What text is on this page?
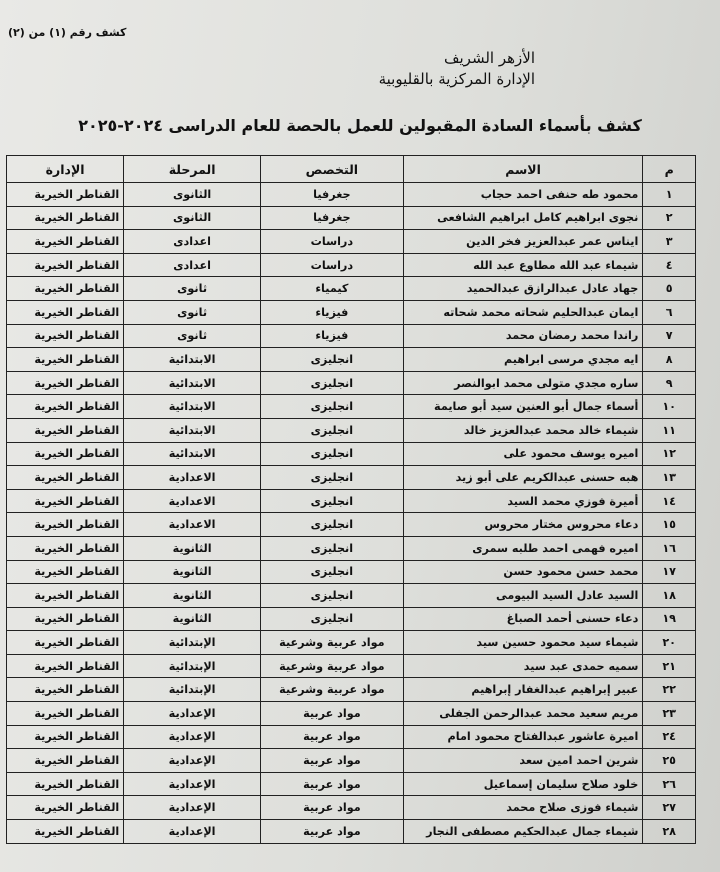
كشف رقم (١) من (٢)
الأزهر الشريف
الإدارة المركزية بالقليوبية
كشف بأسماء السادة المقبولين للعمل بالحصة للعام الدراسى ٢٠٢٤-٢٠٢٥
م	الاسم	التخصص	المرحلة	الإدارة
١	محمود طه حنفى احمد حجاب	جغرفيا	الثانوى	القناطر الخيرية
٢	نجوى ابراهيم كامل ابراهيم الشافعى	جغرفيا	الثانوى	القناطر الخيرية
٣	ايناس عمر عبدالعزيز فخر الدين	دراسات	اعدادى	القناطر الخيرية
٤	شيماء عبد الله مطاوع عبد الله	دراسات	اعدادى	القناطر الخيرية
٥	جهاد عادل عبدالرازق عبدالحميد	كيمياء	ثانوى	القناطر الخيرية
٦	ايمان عبدالحليم شحاته محمد شحاته	فيزياء	ثانوى	القناطر الخيرية
٧	راندا محمد رمضان محمد	فيزياء	ثانوى	القناطر الخيرية
٨	ايه مجدي مرسى ابراهيم	انجليزى	الابتدائية	القناطر الخيرية
٩	ساره مجدي متولى محمد ابوالنصر	انجليزى	الابتدائية	القناطر الخيرية
١٠	أسماء جمال أبو العنين سيد أبو صايمة	انجليزى	الابتدائية	القناطر الخيرية
١١	شيماء خالد محمد عبدالعزيز خالد	انجليزى	الابتدائية	القناطر الخيرية
١٢	اميره يوسف محمود على	انجليزى	الابتدائية	القناطر الخيرية
١٣	هبه حسنى عبدالكريم على أبو زيد	انجليزى	الاعدادية	القناطر الخيرية
١٤	أميرة فوزي محمد السيد	انجليزى	الاعدادية	القناطر الخيرية
١٥	دعاء محروس مختار محروس	انجليزى	الاعدادية	القناطر الخيرية
١٦	اميره فهمى احمد طلبه سمرى	انجليزى	الثانوية	القناطر الخيرية
١٧	محمد حسن محمود حسن	انجليزى	الثانوية	القناطر الخيرية
١٨	السيد عادل السيد البيومى	انجليزى	الثانوية	القناطر الخيرية
١٩	دعاء حسنى أحمد الصباغ	انجليزى	الثانوية	القناطر الخيرية
٢٠	شيماء سيد محمود حسين سيد	مواد عربية وشرعية	الإبتدائية	القناطر الخيرية
٢١	سميه حمدى عبد سيد	مواد عربية وشرعية	الإبتدائية	القناطر الخيرية
٢٢	عبير إبراهيم عبدالغفار إبراهيم	مواد عربية وشرعية	الإبتدائية	القناطر الخيرية
٢٣	مريم سعيد محمد عبدالرحمن الجفلى	مواد عربية	الإعدادية	القناطر الخيرية
٢٤	اميرة عاشور عبدالفتاح محمود امام	مواد عربية	الإعدادية	القناطر الخيرية
٢٥	شرين احمد امين سعد	مواد عربية	الإعدادية	القناطر الخيرية
٢٦	خلود صلاح سليمان إسماعيل	مواد عربية	الإعدادية	القناطر الخيرية
٢٧	شيماء فوزى صلاح محمد	مواد عربية	الإعدادية	القناطر الخيرية
٢٨	شيماء جمال عبدالحكيم مصطفى النجار	مواد عربية	الإعدادية	القناطر الخيرية
